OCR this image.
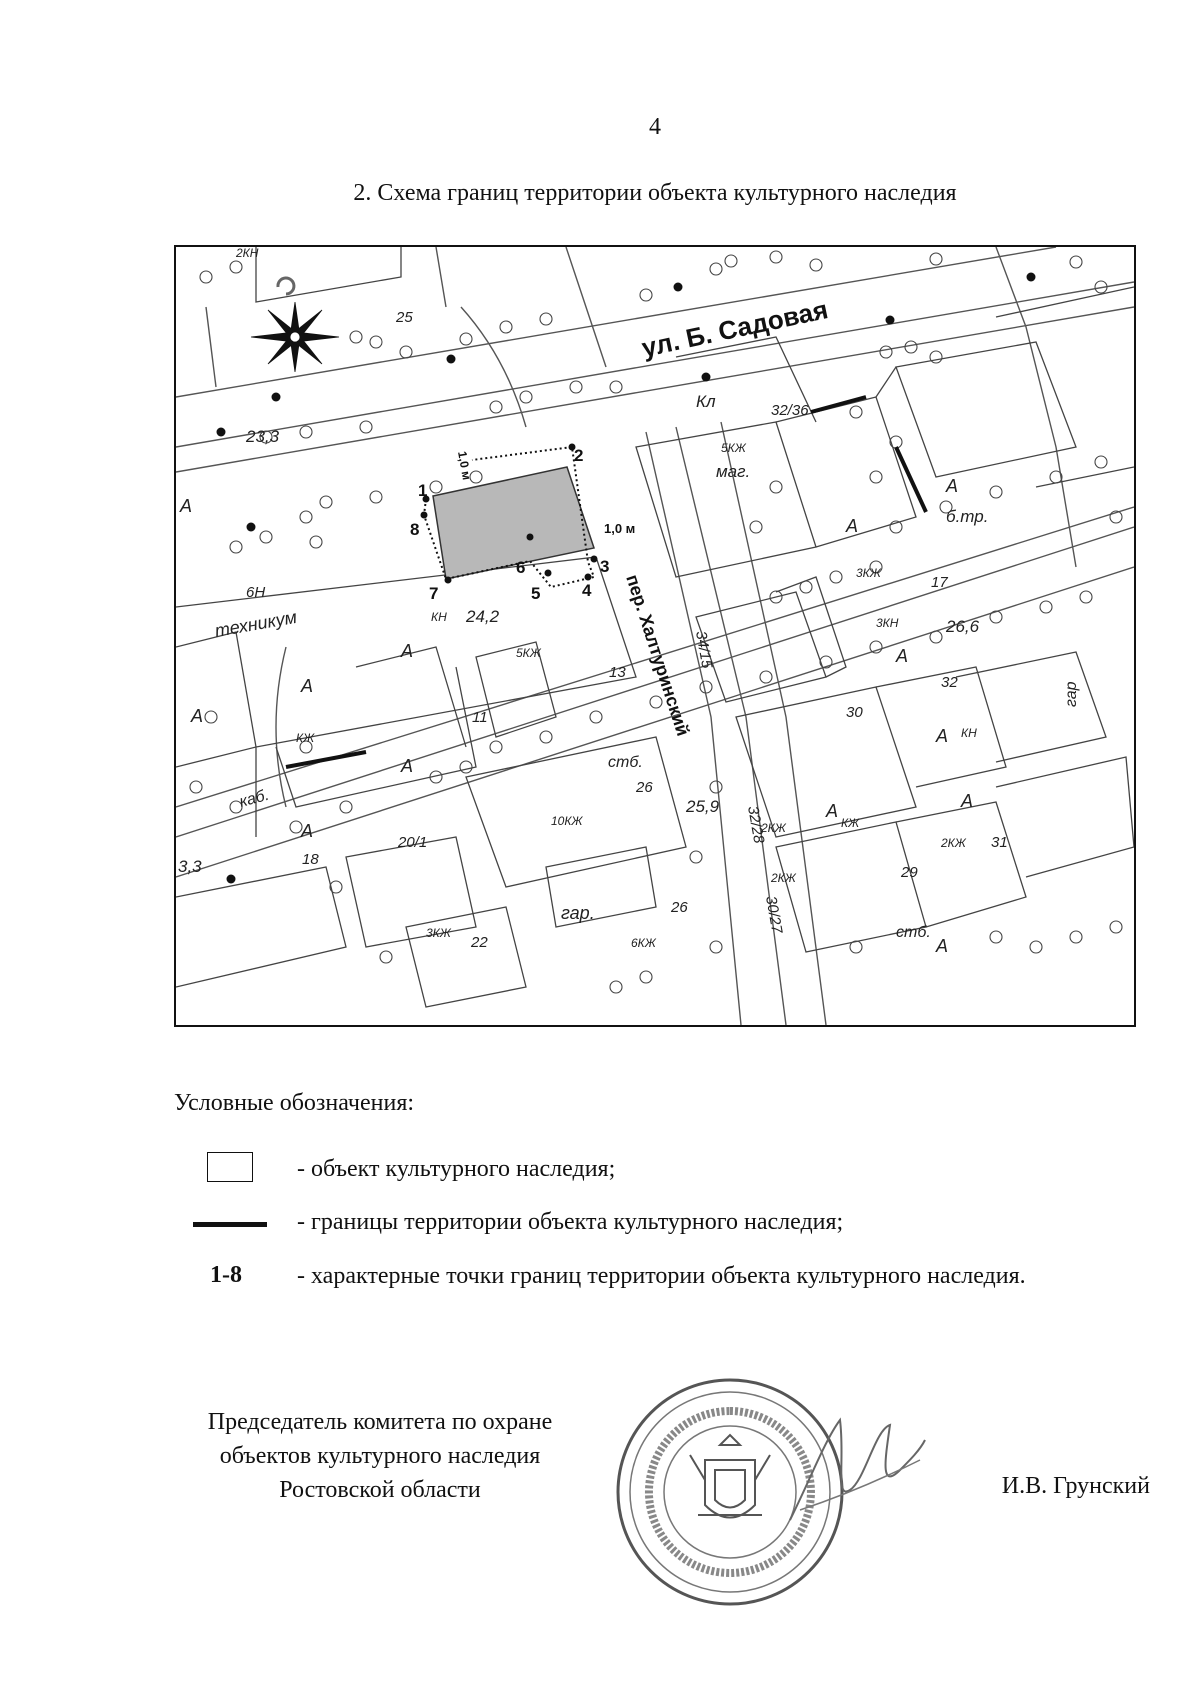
4
2. Схема границ территории объекта культурного наследия
1
2
3
4
5
6
7
8
ул. Б. Садовая
пер. Халтуринский
1,0 м
1,0 м
6Н
техникум
5КЖ
маг.
б.тр.
23,3
24,2
26,6
25,9
3,3
Кл
каб.
стб.
стб.
гар.
гар
25
13
11
17
26
26
18
22
29
30
31
32
20/1	32/28
34/15
30/27
32/36
А
А
А
А
А
А
А
А
А
А
А
А
А
КЖ
КЖ
КН
КН
2КЖ
2КЖ
2КЖ
3КЖ
3КЖ
5КЖ
10КЖ
6КЖ
2КН
3КН
Условные обозначения:
- объект культурного наследия;
- границы территории объекта культурного наследия;
1-8 - характерные точки границ территории объекта культурного наследия.
Председатель комитета по охране объектов культурного наследия Ростовской области	И.В. Грунский
